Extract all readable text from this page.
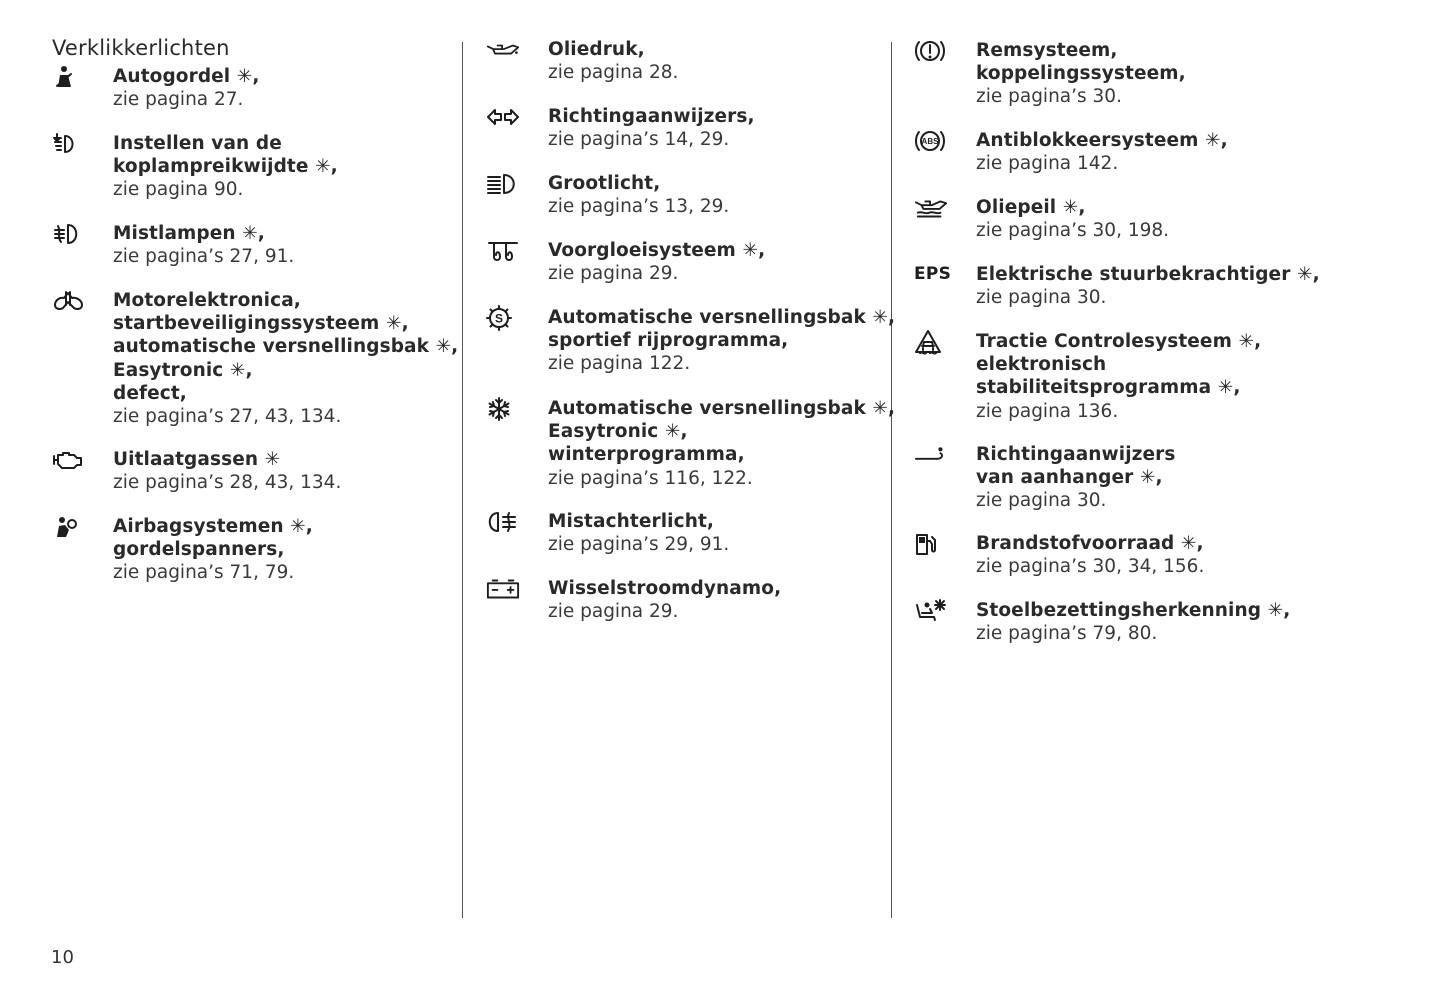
Verklikkerlichten
Autogordel ✳,
zie pagina 27.
Instellen van de
koplampreikwijdte ✳,
zie pagina 90.
Mistlampen ✳,
zie pagina’s 27, 91.
Motorelektronica,
startbeveiligingssysteem ✳,
automatische versnellingsbak ✳,
Easytronic ✳,
defect,
zie pagina’s 27, 43, 134.
Uitlaatgassen ✳
zie pagina’s 28, 43, 134.
Airbagsystemen ✳,
gordelspanners,
zie pagina’s 71, 79.
Oliedruk,
zie pagina 28.
Richtingaanwijzers,
zie pagina’s 14, 29.
Grootlicht,
zie pagina’s 13, 29.
Voorgloeisysteem ✳,
zie pagina 29.
S Automatische versnellingsbak ✳,
sportief rijprogramma,
zie pagina 122.
Automatische versnellingsbak ✳,
Easytronic ✳,
winterprogramma,
zie pagina’s 116, 122.
Mistachterlicht,
zie pagina’s 29, 91.
Wisselstroomdynamo,
zie pagina 29.
Remsysteem,
koppelingssysteem,
zie pagina’s 30.
ABS Antiblokkeersysteem ✳,
zie pagina 142.
Oliepeil ✳,
zie pagina’s 30, 198.
EPS Elektrische stuurbekrachtiger ✳,
zie pagina 30.
Tractie Controlesysteem ✳,
elektronisch
stabiliteitsprogramma ✳,
zie pagina 136.
Richtingaanwijzers
van aanhanger ✳,
zie pagina 30.
Brandstofvoorraad ✳,
zie pagina’s 30, 34, 156.
Stoelbezettingsherkenning ✳,
zie pagina’s 79, 80.
10
